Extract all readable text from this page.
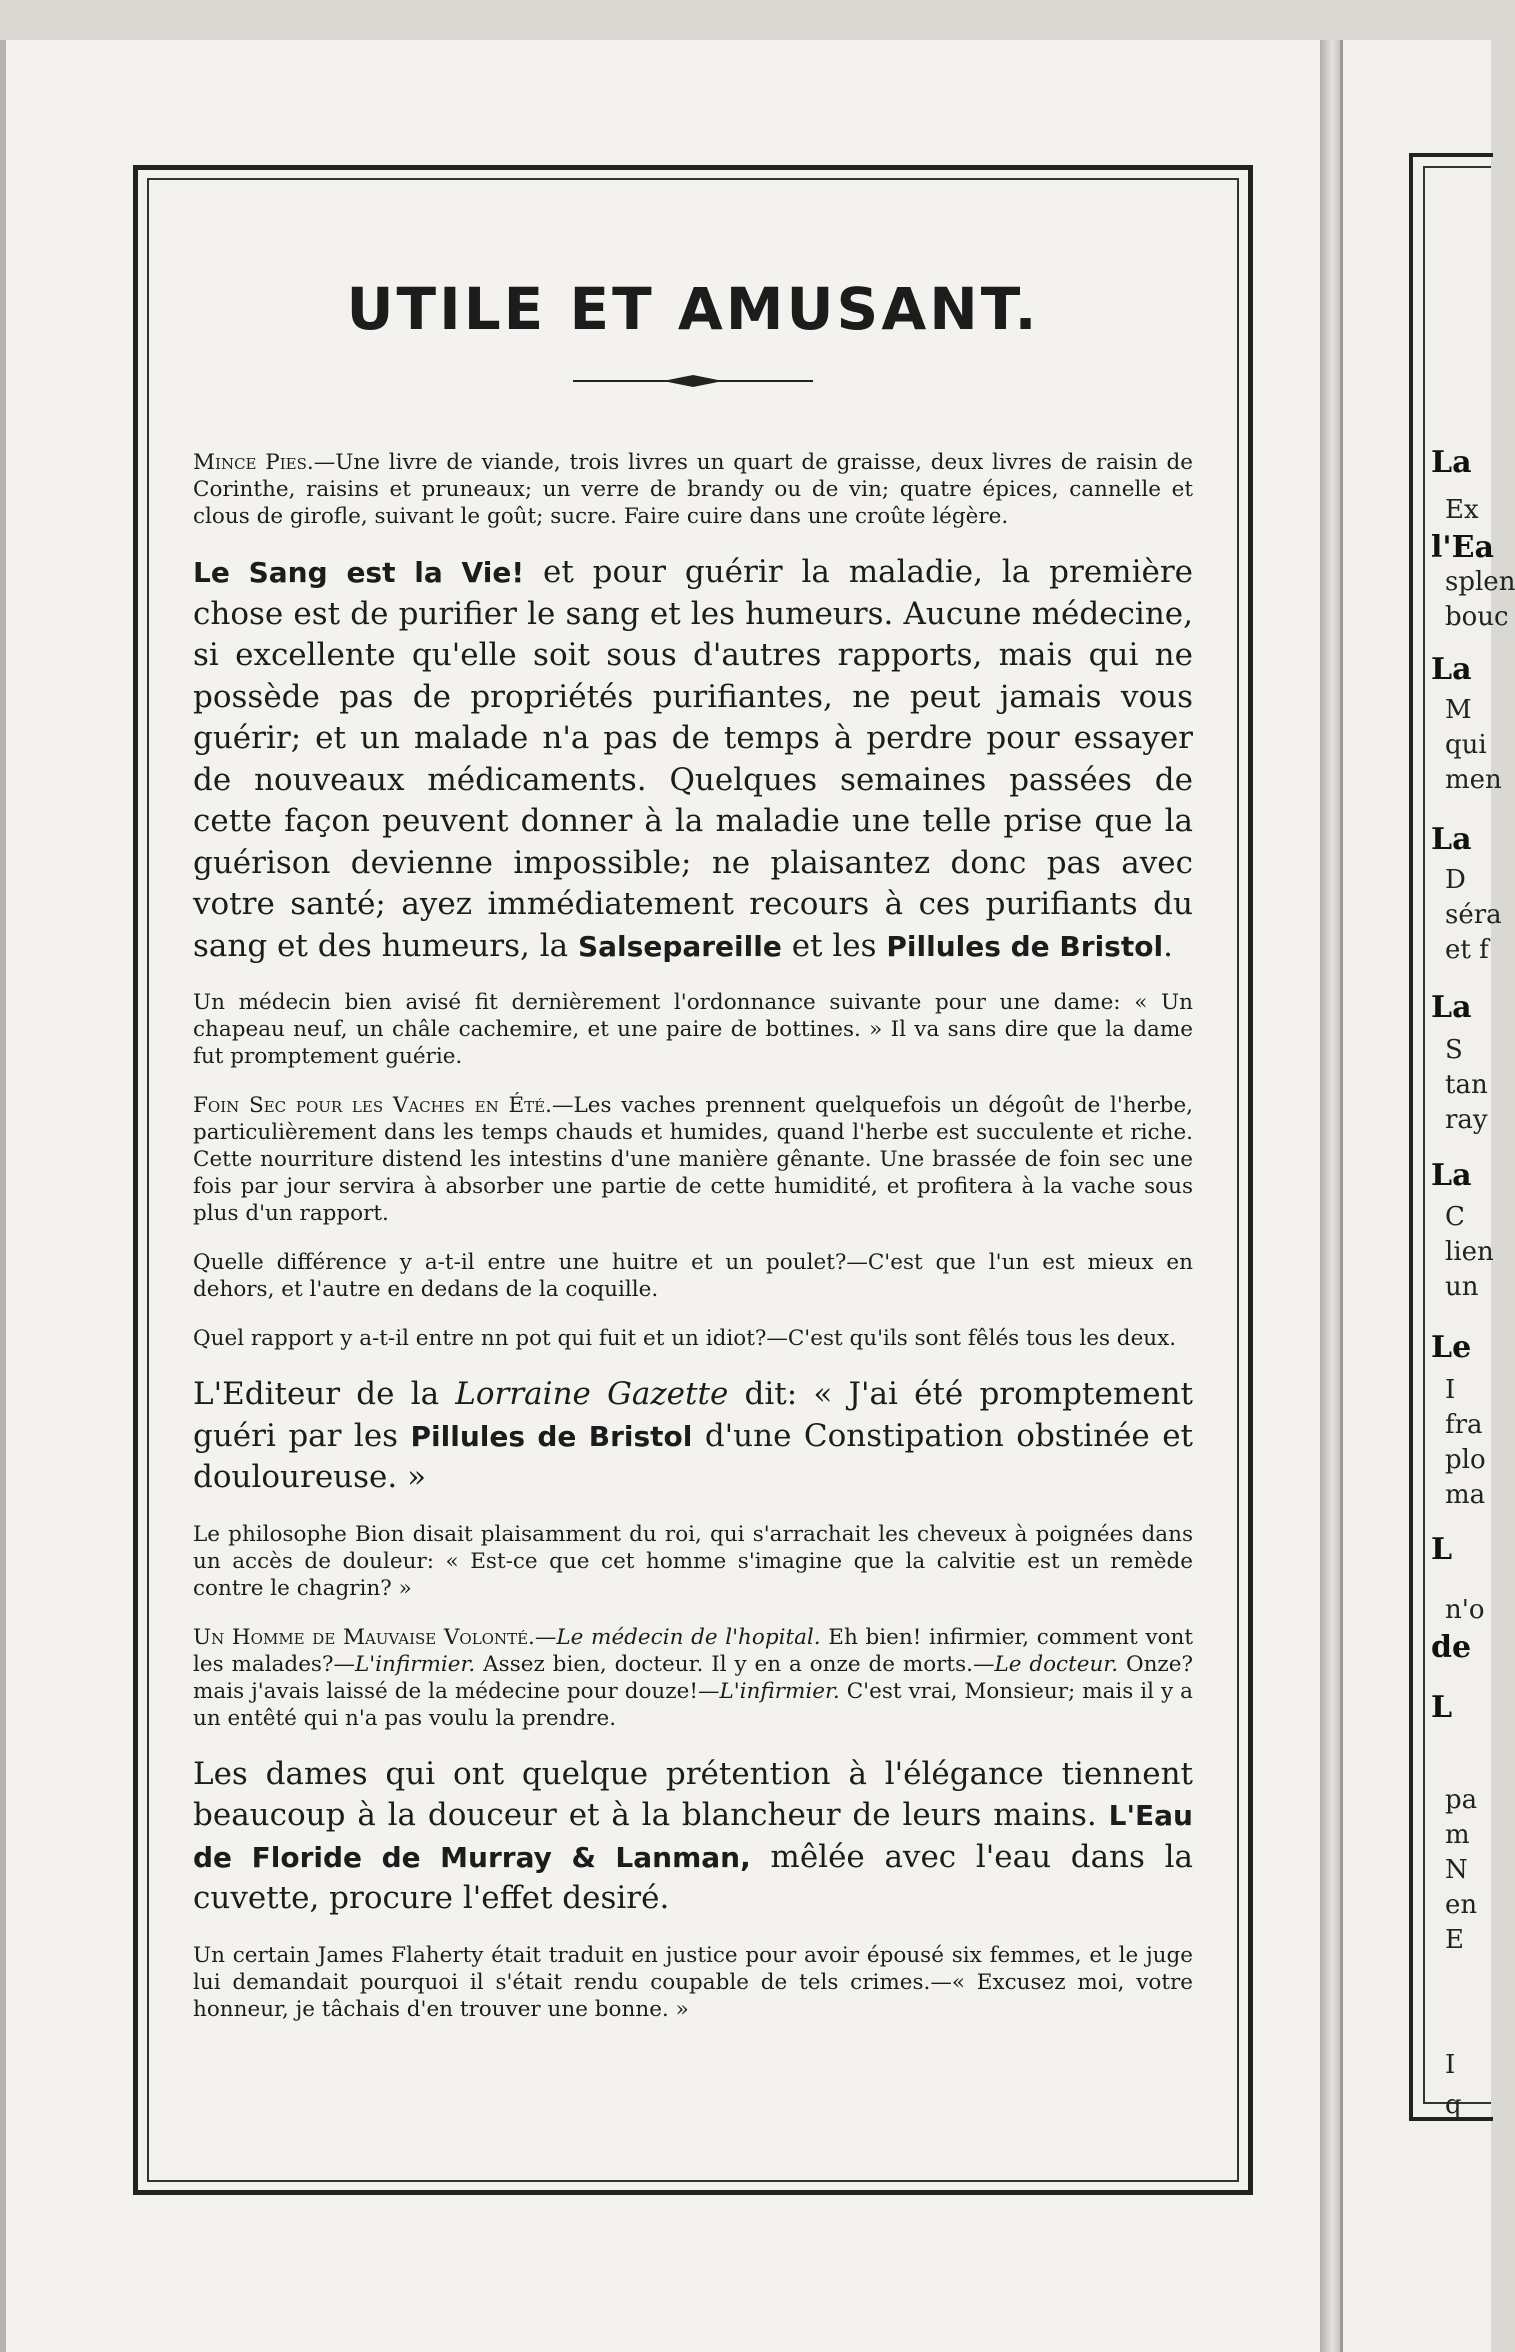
UTILE ET AMUSANT.

Mince Pies.—Une livre de viande, trois livres un quart de graisse, deux livres de raisin de Corinthe, raisins et pruneaux; un verre de brandy ou de vin; quatre épices, cannelle et clous de girofle, suivant le goût; sucre. Faire cuire dans une croûte légère.

Le Sang est la Vie! et pour guérir la maladie, la première chose est de purifier le sang et les humeurs. Aucune médecine, si excellente qu'elle soit sous d'autres rapports, mais qui ne possède pas de propriétés purifiantes, ne peut jamais vous guérir; et un malade n'a pas de temps à perdre pour essayer de nouveaux médicaments. Quelques semaines passées de cette façon peuvent donner à la maladie une telle prise que la guérison devienne impossible; ne plaisantez donc pas avec votre santé; ayez immédiatement recours à ces purifiants du sang et des humeurs, la Salsepareille et les Pillules de Bristol.

Un médecin bien avisé fit dernièrement l'ordonnance suivante pour une dame: « Un chapeau neuf, un châle cachemire, et une paire de bottines. » Il va sans dire que la dame fut promptement guérie.

Foin Sec pour les Vaches en Été.—Les vaches prennent quelquefois un dégoût de l'herbe, particulièrement dans les temps chauds et humides, quand l'herbe est succulente et riche. Cette nourriture distend les intestins d'une manière gênante. Une brassée de foin sec une fois par jour servira à absorber une partie de cette humidité, et profitera à la vache sous plus d'un rapport.

Quelle différence y a-t-il entre une huitre et un poulet?—C'est que l'un est mieux en dehors, et l'autre en dedans de la coquille.

Quel rapport y a-t-il entre nn pot qui fuit et un idiot?—C'est qu'ils sont fêlés tous les deux.

L'Editeur de la Lorraine Gazette dit: « J'ai été promptement guéri par les Pillules de Bristol d'une Constipation obstinée et douloureuse. »

Le philosophe Bion disait plaisamment du roi, qui s'arrachait les cheveux à poignées dans un accès de douleur: « Est-ce que cet homme s'imagine que la calvitie est un remède contre le chagrin? »

Un Homme de Mauvaise Volonté.—Le médecin de l'hopital. Eh bien! infirmier, comment vont les malades?—L'infirmier. Assez bien, docteur. Il y en a onze de morts.—Le docteur. Onze? mais j'avais laissé de la médecine pour douze!—L'infirmier. C'est vrai, Monsieur; mais il y a un entêté qui n'a pas voulu la prendre.

Les dames qui ont quelque prétention à l'élégance tiennent beaucoup à la douceur et à la blancheur de leurs mains. L'Eau de Floride de Murray & Lanman, mêlée avec l'eau dans la cuvette, procure l'effet desiré.

Un certain James Flaherty était traduit en justice pour avoir épousé six femmes, et le juge lui demandait pourquoi il s'était rendu coupable de tels crimes.—« Excusez moi, votre honneur, je tâchais d'en trouver une bonne. »

La
Ex
l'Ea
splen
bouc
La
M
qui
men
La
D
séra
et f
La
S
tan
ray
La
C
lien
un
Le
I
fra
plo
ma
L
n'o
de
L
pa
m
N
en
E
I
q
